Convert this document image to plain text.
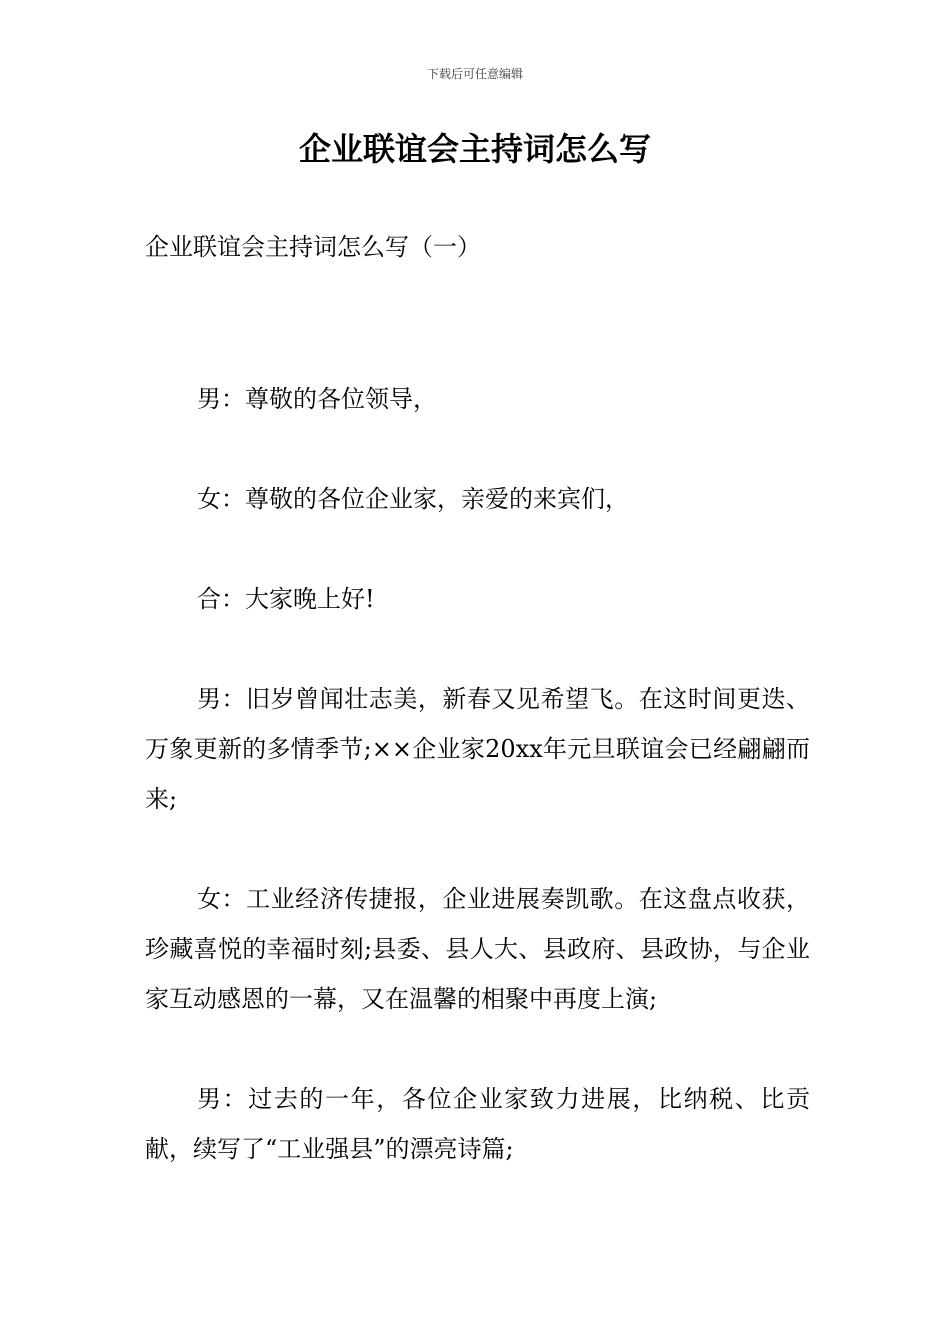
下载后可任意编辑
企业联谊会主持词怎么写
企业联谊会主持词怎么写（一）

男：尊敬的各位领导，

女：尊敬的各位企业家，亲爱的来宾们，

合：大家晚上好!

男：旧岁曾闻壮志美，新春又见希望飞。在这时间更迭、万象更新的多情季节;××企业家20xx年元旦联谊会已经翩翩而来;

女：工业经济传捷报，企业进展奏凯歌。在这盘点收获，珍藏喜悦的幸福时刻;县委、县人大、县政府、县政协，与企业家互动感恩的一幕，又在温馨的相聚中再度上演;

男：过去的一年，各位企业家致力进展，比纳税、比贡献，续写了“工业强县”的漂亮诗篇;
